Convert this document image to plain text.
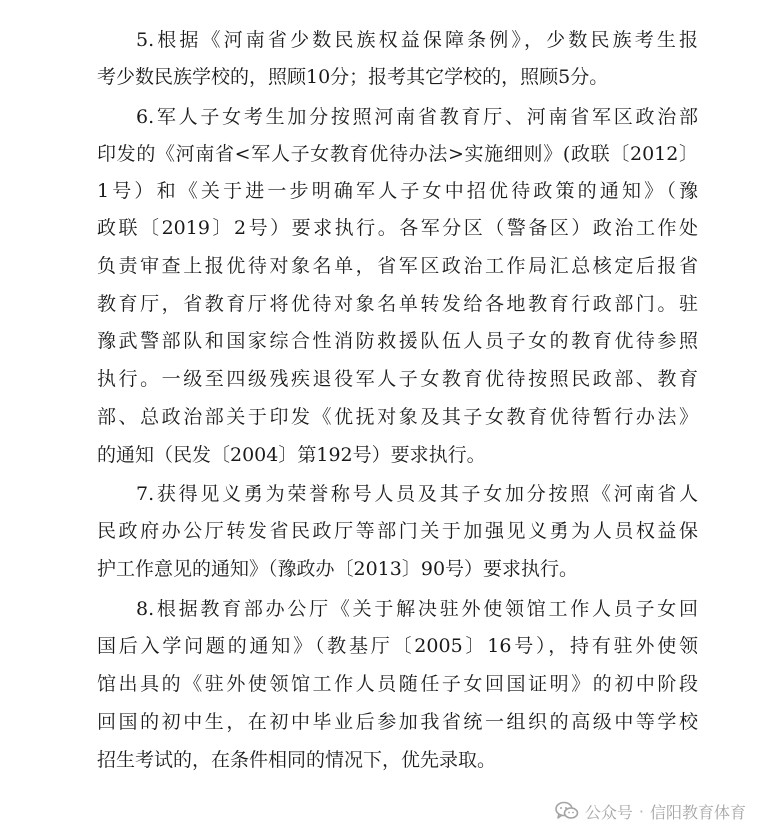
5.根据《河南省少数民族权益保障条例》，少数民族考生报
考少数民族学校的，照顾10分；报考其它学校的，照顾5分。
6.军人子女考生加分按照河南省教育厅、河南省军区政治部
印发的《河南省<军人子女教育优待办法>实施细则》(政联〔2012〕
1号）和《关于进一步明确军人子女中招优待政策的通知》（豫
政联〔2019〕2号）要求执行。各军分区（警备区）政治工作处
负责审查上报优待对象名单，省军区政治工作局汇总核定后报省
教育厅，省教育厅将优待对象名单转发给各地教育行政部门。驻
豫武警部队和国家综合性消防救援队伍人员子女的教育优待参照
执行。一级至四级残疾退役军人子女教育优待按照民政部、教育
部、总政治部关于印发《优抚对象及其子女教育优待暂行办法》
的通知（民发〔2004〕第192号）要求执行。
7.获得见义勇为荣誉称号人员及其子女加分按照《河南省人
民政府办公厅转发省民政厅等部门关于加强见义勇为人员权益保
护工作意见的通知》（豫政办〔2013〕90号）要求执行。
8.根据教育部办公厅《关于解决驻外使领馆工作人员子女回
国后入学问题的通知》（教基厅〔2005〕16号），持有驻外使领
馆出具的《驻外使领馆工作人员随任子女回国证明》的初中阶段
回国的初中生，在初中毕业后参加我省统一组织的高级中等学校
招生考试的，在条件相同的情况下，优先录取。
公众号 · 信阳教育体育
